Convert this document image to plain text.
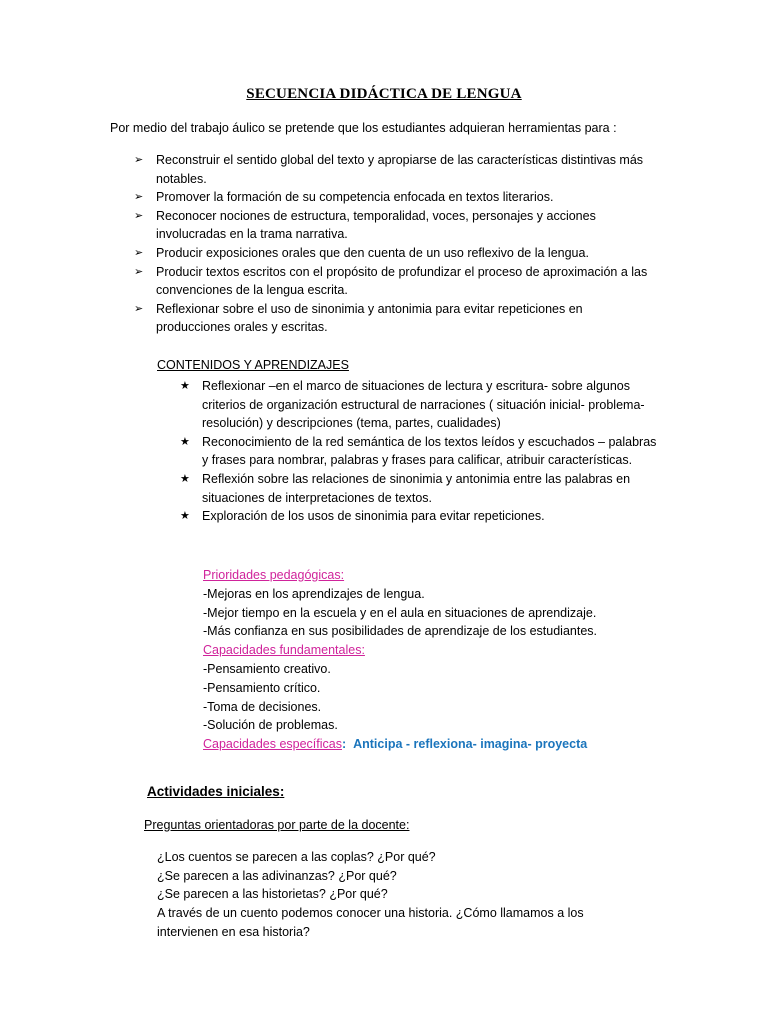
SECUENCIA DIDÁCTICA DE LENGUA
Por medio del trabajo áulico se pretende que los estudiantes adquieran herramientas para :
➢ Reconstruir el sentido global del texto y apropiarse de las características distintivas más notables.
➢ Promover la formación de su competencia enfocada en textos literarios.
➢ Reconocer nociones de estructura, temporalidad, voces, personajes y acciones involucradas en la trama narrativa.
➢ Producir exposiciones orales que den cuenta de un uso reflexivo de la lengua.
➢ Producir textos escritos con el propósito de profundizar el proceso de aproximación a las convenciones de la lengua escrita.
➢ Reflexionar sobre el uso de sinonimia y antonimia para evitar repeticiones en producciones orales y escritas.
CONTENIDOS Y APRENDIZAJES
★ Reflexionar –en el marco de situaciones de lectura y escritura- sobre algunos criterios de organización estructural de narraciones ( situación inicial- problema- resolución) y descripciones (tema, partes, cualidades)
★ Reconocimiento de la red semántica de los textos leídos y escuchados – palabras y frases para nombrar, palabras y frases para calificar, atribuir características.
★ Reflexión sobre las relaciones de sinonimia y antonimia entre las palabras en situaciones de interpretaciones de textos.
★ Exploración de los usos de sinonimia para evitar repeticiones.
Prioridades pedagógicas:
-Mejoras en los aprendizajes de lengua.
-Mejor tiempo en la escuela y en el aula en situaciones de aprendizaje.
-Más confianza en sus posibilidades de aprendizaje de los estudiantes.
Capacidades fundamentales:
-Pensamiento creativo.
-Pensamiento crítico.
-Toma de decisiones.
-Solución de problemas.
Capacidades específicas: Anticipa - reflexiona- imagina- proyecta
Actividades iniciales:
Preguntas orientadoras por parte de la docente:
¿Los cuentos se parecen a las coplas? ¿Por qué?
¿Se parecen a las adivinanzas? ¿Por qué?
¿Se parecen a las historietas? ¿Por qué?
A través de un cuento podemos conocer una historia. ¿Cómo llamamos a los intervienen en esa historia?
